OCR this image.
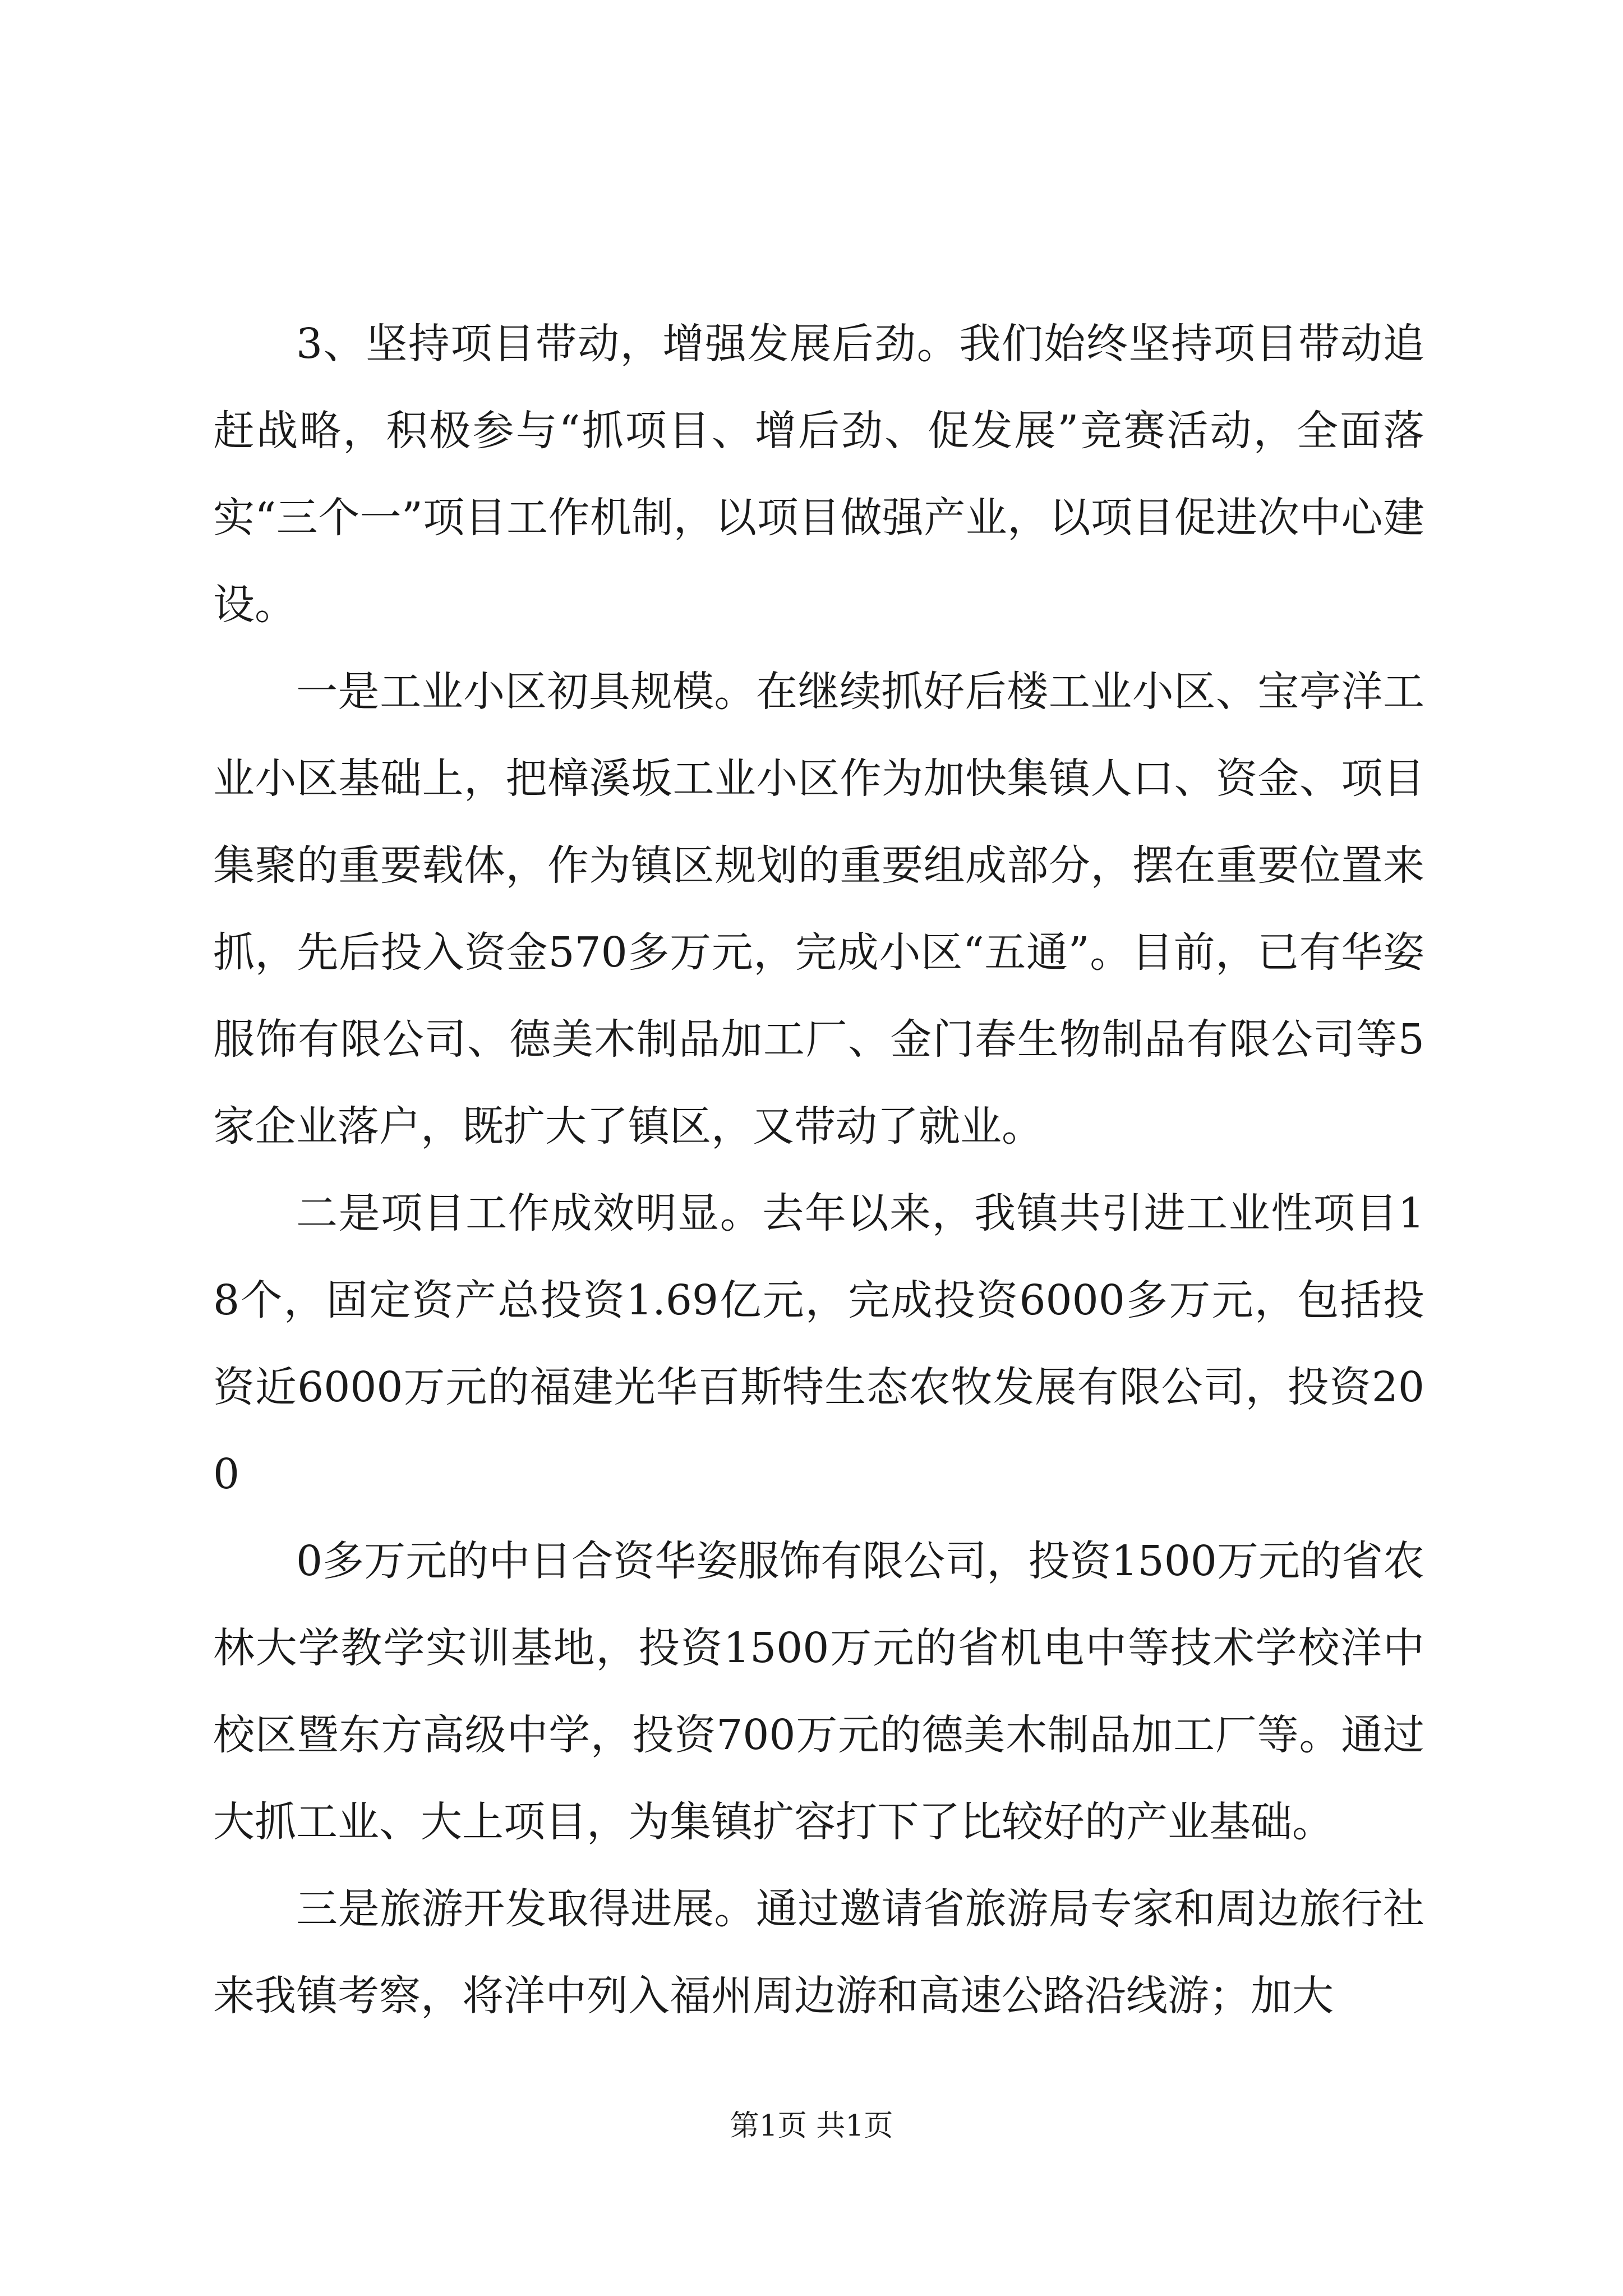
3、坚持项目带动，增强发展后劲。我们始终坚持项目带动追赶战略，积极参与“抓项目、增后劲、促发展”竞赛活动，全面落实“三个一”项目工作机制，以项目做强产业，以项目促进次中心建设。

一是工业小区初具规模。在继续抓好后楼工业小区、宝亭洋工业小区基础上，把樟溪坂工业小区作为加快集镇人口、资金、项目集聚的重要载体，作为镇区规划的重要组成部分，摆在重要位置来抓，先后投入资金570多万元，完成小区“五通”。目前，已有华姿服饰有限公司、德美木制品加工厂、金门春生物制品有限公司等5家企业落户，既扩大了镇区，又带动了就业。

二是项目工作成效明显。去年以来，我镇共引进工业性项目18个，固定资产总投资1.69亿元，完成投资6000多万元，包括投资近6000万元的福建光华百斯特生态农牧发展有限公司，投资200

0多万元的中日合资华姿服饰有限公司，投资1500万元的省农林大学教学实训基地，投资1500万元的省机电中等技术学校洋中校区暨东方高级中学，投资700万元的德美木制品加工厂等。通过大抓工业、大上项目，为集镇扩容打下了比较好的产业基础。

三是旅游开发取得进展。通过邀请省旅游局专家和周边旅行社来我镇考察，将洋中列入福州周边游和高速公路沿线游；加大

第1页 共1页
